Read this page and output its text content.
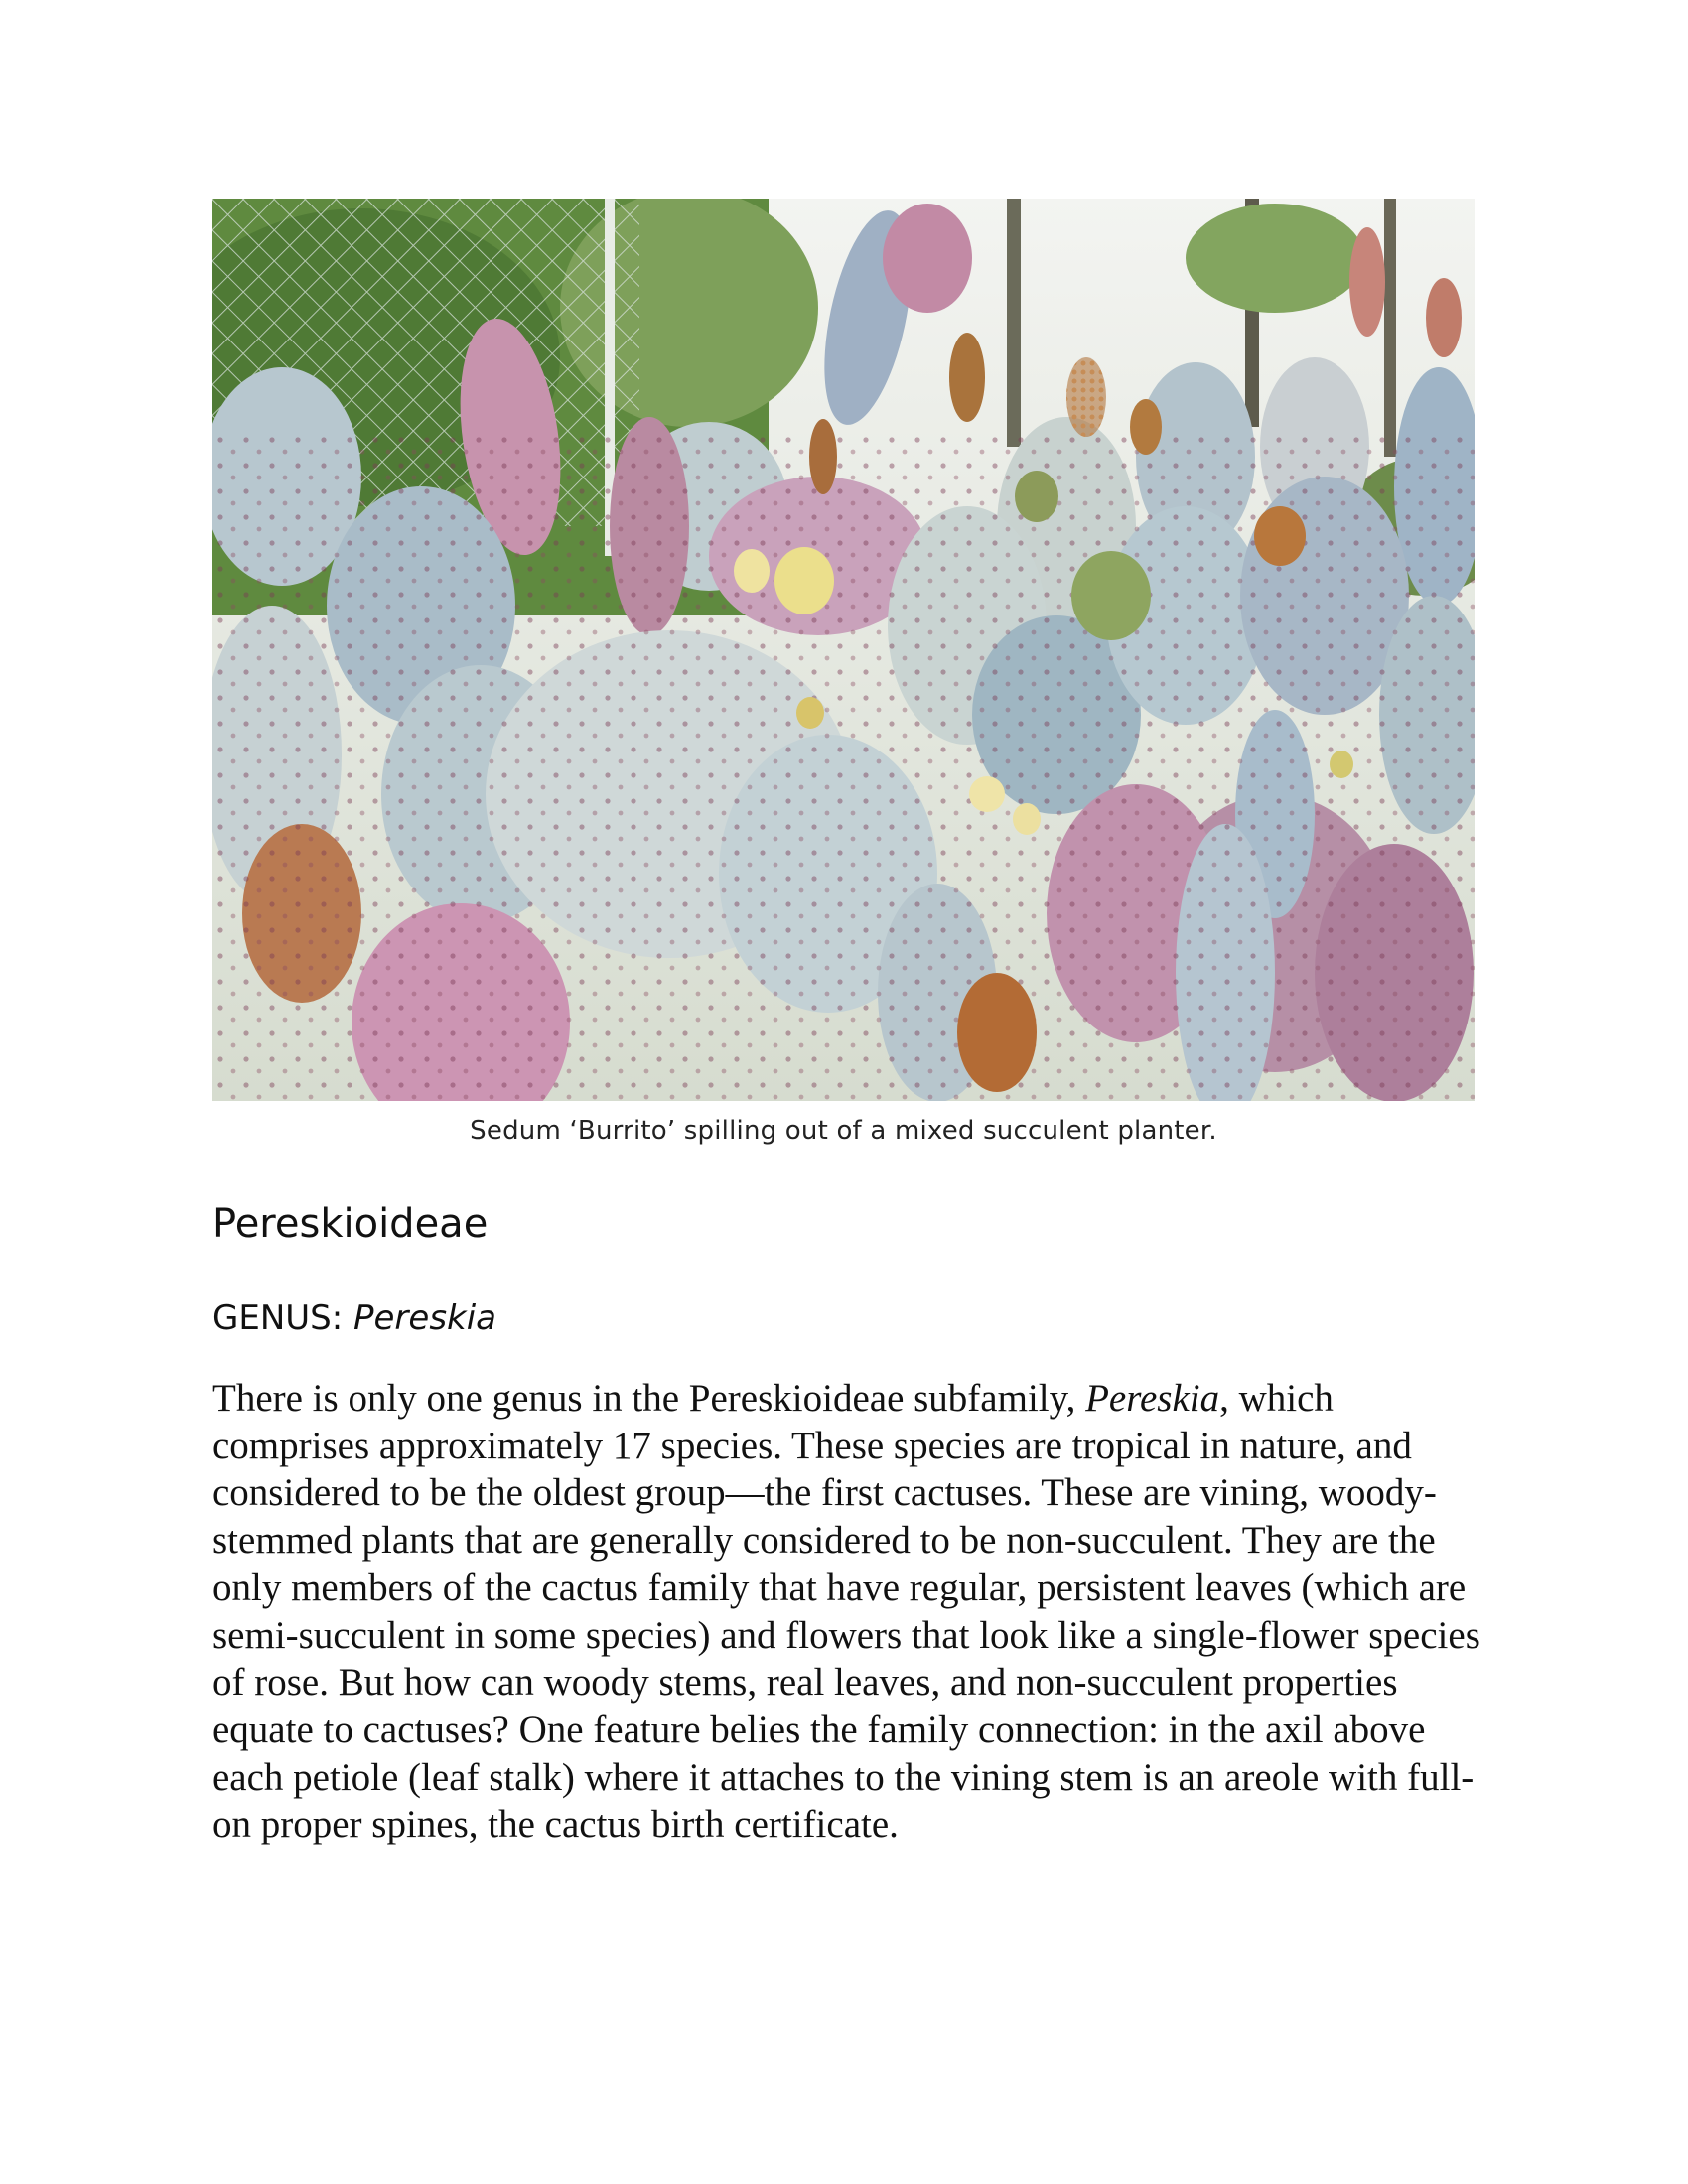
Sedum ‘Burrito’ spilling out of a mixed succulent planter.
Pereskioideae
GENUS: Pereskia

There is only one genus in the Pereskioideae subfamily, Pereskia, which comprises approximately 17 species. These species are tropical in nature, and considered to be the oldest group—the first cactuses. These are vining, woody-stemmed plants that are generally considered to be non-succulent. They are the only members of the cactus family that have regular, persistent leaves (which are semi-succulent in some species) and flowers that look like a single-flower species of rose. But how can woody stems, real leaves, and non-succulent properties equate to cactuses? One feature belies the family connection: in the axil above each petiole (leaf stalk) where it attaches to the vining stem is an areole with full-on proper spines, the cactus birth certificate.
